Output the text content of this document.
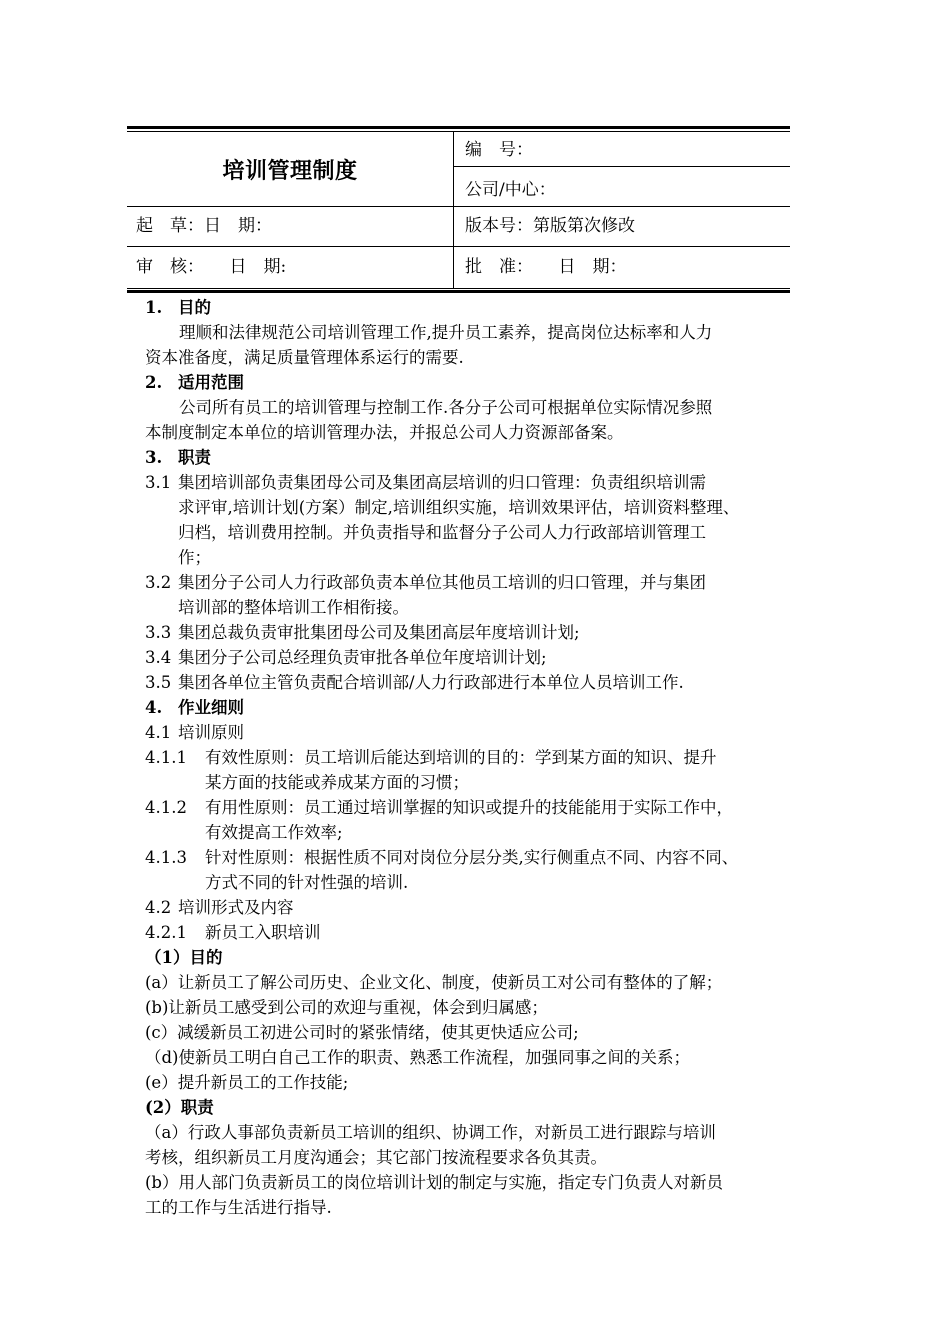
培训管理制度
编　号：
公司/中心：
起　草：日　期：	版本号：第版第次修改
审　核：　　日　期:	批　准：　　日　期：
1. 目的
理顺和法律规范公司培训管理工作,提升员工素养，提高岗位达标率和人力
资本准备度，满足质量管理体系运行的需要.
2. 适用范围
公司所有员工的培训管理与控制工作.各分子公司可根据单位实际情况参照
本制度制定本单位的培训管理办法，并报总公司人力资源部备案。
3. 职责
3.1 集团培训部负责集团母公司及集团高层培训的归口管理：负责组织培训需
求评审,培训计划(方案）制定,培训组织实施，培训效果评估，培训资料整理、
归档，培训费用控制。并负责指导和监督分子公司人力行政部培训管理工
作；
3.2 集团分子公司人力行政部负责本单位其他员工培训的归口管理，并与集团
培训部的整体培训工作相衔接。
3.3 集团总裁负责审批集团母公司及集团高层年度培训计划;
3.4 集团分子公司总经理负责审批各单位年度培训计划;
3.5 集团各单位主管负责配合培训部/人力行政部进行本单位人员培训工作.
4. 作业细则
4.1 培训原则
4.1.1 有效性原则：员工培训后能达到培训的目的：学到某方面的知识、提升
某方面的技能或养成某方面的习惯；
4.1.2 有用性原则：员工通过培训掌握的知识或提升的技能能用于实际工作中，
有效提高工作效率;
4.1.3 针对性原则：根据性质不同对岗位分层分类,实行侧重点不同、内容不同、
方式不同的针对性强的培训.
4.2 培训形式及内容
4.2.1 新员工入职培训
（1）目的
(a）让新员工了解公司历史、企业文化、制度，使新员工对公司有整体的了解；
(b)让新员工感受到公司的欢迎与重视，体会到归属感；
(c）减缓新员工初进公司时的紧张情绪，使其更快适应公司;
（d)使新员工明白自己工作的职责、熟悉工作流程，加强同事之间的关系；
(e）提升新员工的工作技能;
(2）职责
（a）行政人事部负责新员工培训的组织、协调工作，对新员工进行跟踪与培训
考核，组织新员工月度沟通会；其它部门按流程要求各负其责。
(b）用人部门负责新员工的岗位培训计划的制定与实施，指定专门负责人对新员
工的工作与生活进行指导.
